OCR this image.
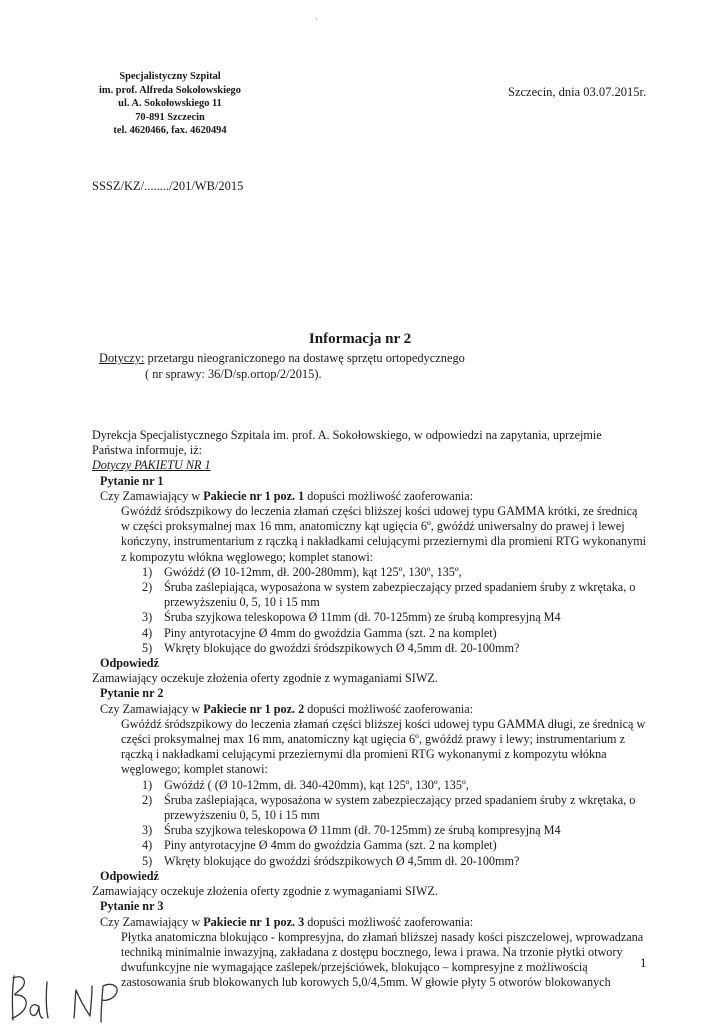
Specjalistyczny Szpital
im. prof. Alfreda Sokołowskiego
ul. A. Sokołowskiego 11
70-891 Szczecin
tel. 4620466, fax. 4620494
Szczecin, dnia 03.07.2015r.
SSSZ/KZ/......../201/WB/2015
Informacja nr 2
Dotyczy: przetargu nieograniczonego na dostawę sprzętu ortopedycznego
( nr sprawy: 36/D/sp.ortop/2/2015).

Dyrekcja Specjalistycznego Szpitala im. prof. A. Sokołowskiego, w odpowiedzi na zapytania, uprzejmie

Państwa informuje, iż:

Dotyczy PAKIETU NR 1

Pytanie nr 1

Czy Zamawiający w Pakiecie nr 1 poz. 1 dopuści możliwość zaoferowania:

Gwóźdź śródszpikowy do leczenia złamań części bliższej kości udowej typu GAMMA krótki, ze średnicą

w części proksymalnej max 16 mm, anatomiczny kąt ugięcia 6º, gwóźdź uniwersalny do prawej i lewej

kończyny, instrumentarium z rączką i nakładkami celującymi przeziernymi dla promieni RTG wykonanymi

z kompozytu włókna węglowego; komplet stanowi:

1) Gwóźdź (Ø 10-12mm, dł. 200-280mm), kąt 125º, 130º, 135º,

2) Śruba zaślepiająca, wyposażona w system zabezpieczający przed spadaniem śruby z wkrętaka, o

przewyższeniu 0, 5, 10 i 15 mm

3) Śruba szyjkowa teleskopowa Ø 11mm (dł. 70-125mm) ze śrubą kompresyjną M4

4) Piny antyrotacyjne Ø 4mm do gwoździa Gamma (szt. 2 na komplet)

5) Wkręty blokujące do gwoździ śródszpikowych Ø 4,5mm dł. 20-100mm?

Odpowiedź

Zamawiający oczekuje złożenia oferty zgodnie z wymaganiami SIWZ.

Pytanie nr 2

Czy Zamawiający w Pakiecie nr 1 poz. 2 dopuści możliwość zaoferowania:

Gwóźdź śródszpikowy do leczenia złamań części bliższej kości udowej typu GAMMA długi, ze średnicą w

części proksymalnej max 16 mm, anatomiczny kąt ugięcia 6º, gwóźdź prawy i lewy; instrumentarium z

rączką i nakładkami celującymi przeziernymi dla promieni RTG wykonanymi z kompozytu włókna

węglowego; komplet stanowi:

1) Gwóźdź ( (Ø 10-12mm, dł. 340-420mm), kąt 125º, 130º, 135º,

2) Śruba zaślepiająca, wyposażona w system zabezpieczający przed spadaniem śruby z wkrętaka, o

przewyższeniu 0, 5, 10 i 15 mm

3) Śruba szyjkowa teleskopowa Ø 11mm (dł. 70-125mm) ze śrubą kompresyjną M4

4) Piny antyrotacyjne Ø 4mm do gwoździa Gamma (szt. 2 na komplet)

5) Wkręty blokujące do gwoździ śródszpikowych Ø 4,5mm dł. 20-100mm?

Odpowiedź

Zamawiający oczekuje złożenia oferty zgodnie z wymaganiami SIWZ.

Pytanie nr 3

Czy Zamawiający w Pakiecie nr 1 poz. 3 dopuści możliwość zaoferowania:

Płytka anatomiczna blokująco - kompresyjna, do złamań bliższej nasady kości piszczelowej, wprowadzana

techniką minimalnie inwazyjną, zakładana z dostępu bocznego, lewa i prawa. Na trzonie płytki otwory

dwufunkcyjne nie wymagające zaślepek/przejściówek, blokująco – kompresyjne z możliwością

zastosowania śrub blokowanych lub korowych 5,0/4,5mm. W głowie płyty 5 otworów blokowanych

1
